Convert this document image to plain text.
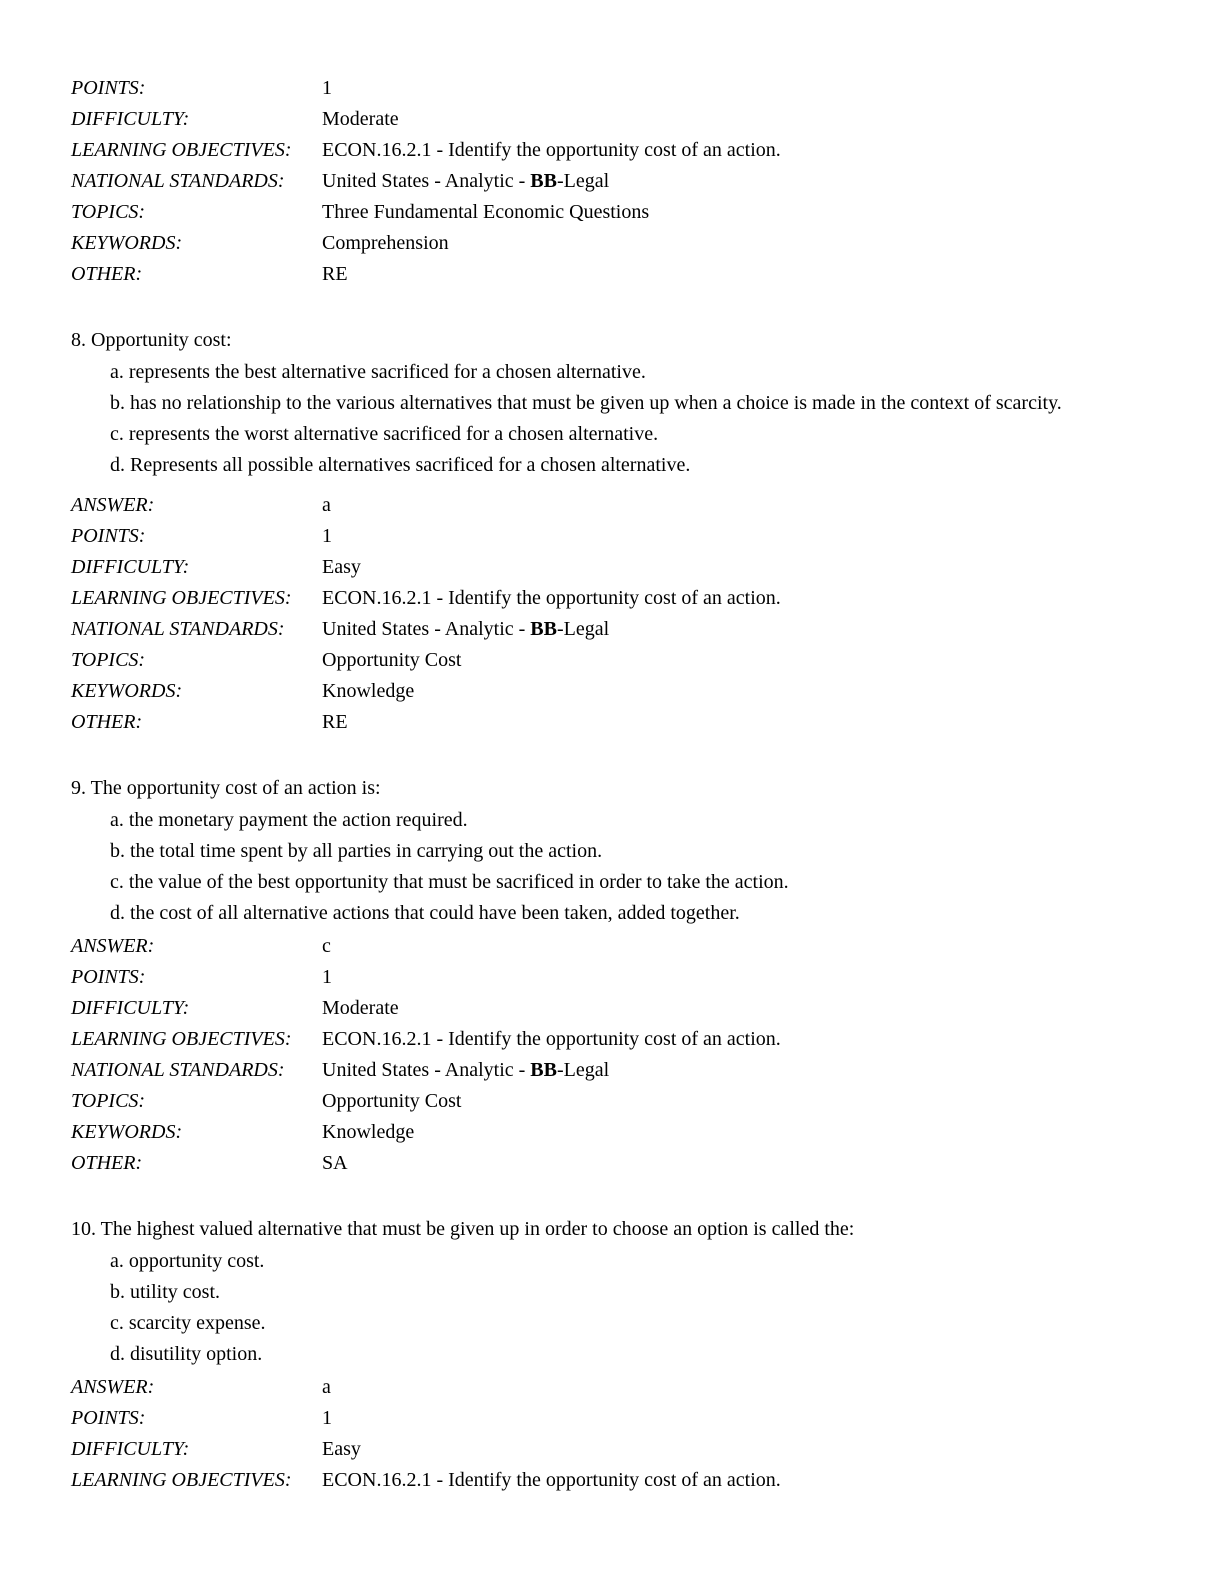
POINTS:	1
DIFFICULTY:	Moderate
LEARNING OBJECTIVES:	ECON.16.2.1 - Identify the opportunity cost of an action.
NATIONAL STANDARDS:	United States - Analytic - BB-Legal
TOPICS:	Three Fundamental Economic Questions
KEYWORDS:	Comprehension
OTHER:	RE
8. Opportunity cost:
a. represents the best alternative sacrificed for a chosen alternative.
b. has no relationship to the various alternatives that must be given up when a choice is made in the context of scarcity.
c. represents the worst alternative sacrificed for a chosen alternative.
d. Represents all possible alternatives sacrificed for a chosen alternative.
ANSWER:	a
POINTS:	1
DIFFICULTY:	Easy
LEARNING OBJECTIVES:	ECON.16.2.1 - Identify the opportunity cost of an action.
NATIONAL STANDARDS:	United States - Analytic - BB-Legal
TOPICS:	Opportunity Cost
KEYWORDS:	Knowledge
OTHER:	RE
9. The opportunity cost of an action is:
a. the monetary payment the action required.
b. the total time spent by all parties in carrying out the action.
c. the value of the best opportunity that must be sacrificed in order to take the action.
d. the cost of all alternative actions that could have been taken, added together.
ANSWER:	c
POINTS:	1
DIFFICULTY:	Moderate
LEARNING OBJECTIVES:	ECON.16.2.1 - Identify the opportunity cost of an action.
NATIONAL STANDARDS:	United States - Analytic - BB-Legal
TOPICS:	Opportunity Cost
KEYWORDS:	Knowledge
OTHER:	SA
10. The highest valued alternative that must be given up in order to choose an option is called the:
a. opportunity cost.
b. utility cost.
c. scarcity expense.
d. disutility option.
ANSWER:	a
POINTS:	1
DIFFICULTY:	Easy
LEARNING OBJECTIVES:	ECON.16.2.1 - Identify the opportunity cost of an action.
